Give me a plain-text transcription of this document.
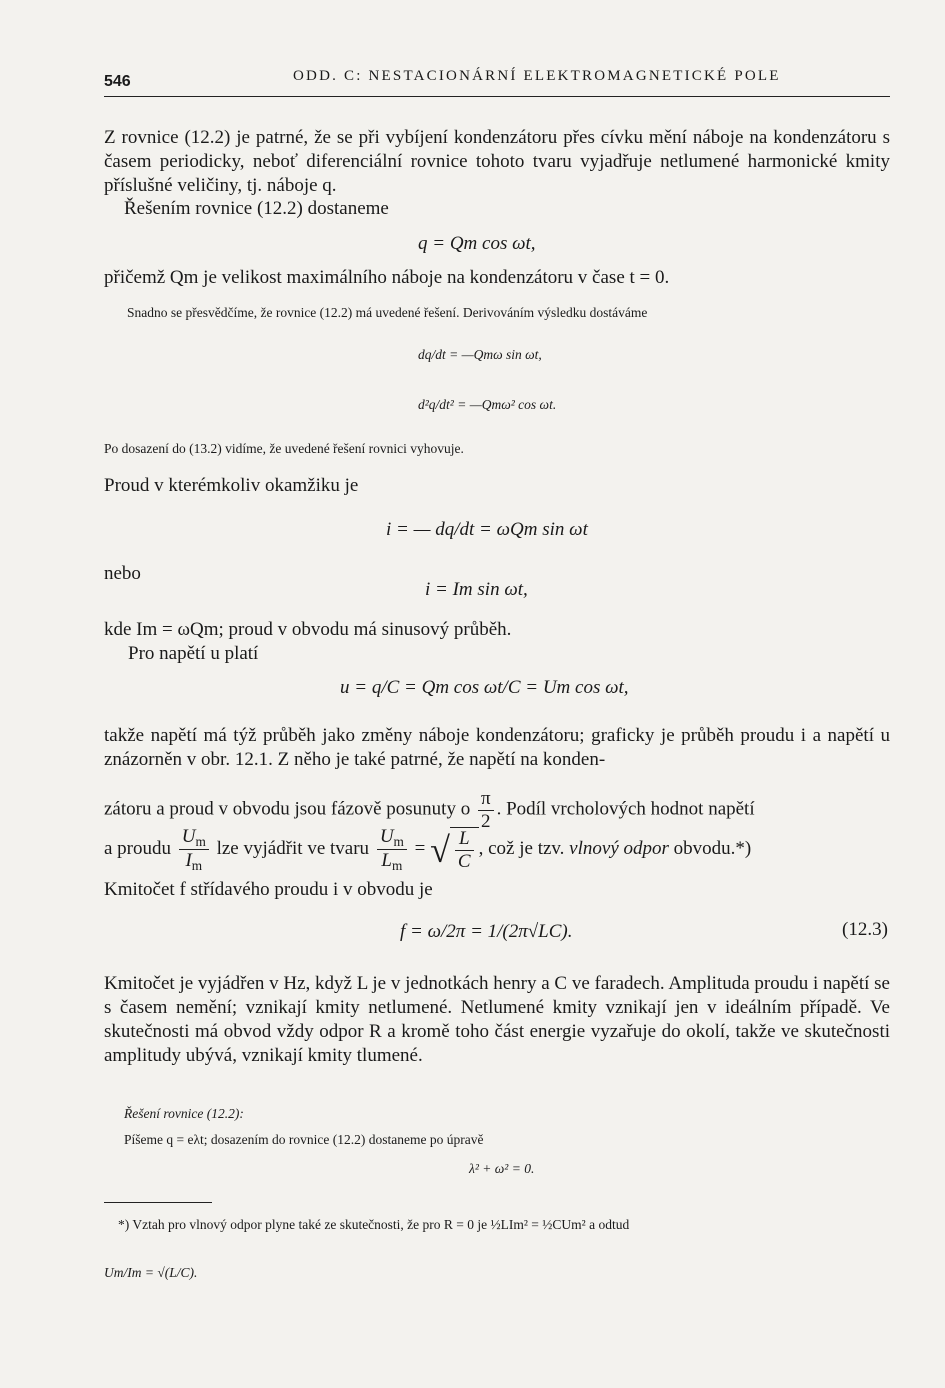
546	ODD. C: NESTACIONÁRNÍ ELEKTROMAGNETICKÉ POLE
Z rovnice (12.2) je patrné, že se při vybíjení kondenzátoru přes cívku mění náboje na kondenzátoru s časem periodicky, neboť diferenciální rovnice tohoto tvaru vyjadřuje netlumené harmonické kmity příslušné veličiny, tj. náboje q.
Řešením rovnice (12.2) dostaneme
q = Qm cos ωt,
přičemž Qm je velikost maximálního náboje na kondenzátoru v čase t = 0.
Snadno se přesvědčíme, že rovnice (12.2) má uvedené řešení. Derivováním výsledku dostáváme
dq/dt = —Qmω sin ωt,
d²q/dt² = —Qmω² cos ωt.
Po dosazení do (13.2) vidíme, že uvedené řešení rovnici vyhovuje.
Proud v kterémkoliv okamžiku je
i = — dq/dt = ωQm sin ωt
nebo
i = Im sin ωt,
kde Im = ωQm; proud v obvodu má sinusový průběh.
Pro napětí u platí
u = q/C = Qm cos ωt/C = Um cos ωt,
takže napětí má týž průběh jako změny náboje kondenzátoru; graficky je průběh proudu i a napětí u znázorněn v obr. 12.1. Z něho je také patrné, že napětí na konden-
zátoru a proud v obvodu jsou fázově posunuty o $\frac{\pi}{2}$ . Podíl vrcholových hodnot napětí
a proudu $\frac{U_m}{I_m}$ lze vyjádřit ve tvaru $\frac{U_m}{L_m}$ = √ $\frac{L}{C}$ , což je tzv. vlnový odpor obvodu.*)
Kmitočet f střídavého proudu i v obvodu je
f = ω/2π = 1/(2π√LC).	(12.3)
Kmitočet je vyjádřen v Hz, když L je v jednotkách henry a C ve faradech. Amplituda proudu i napětí se s časem nemění; vznikají kmity netlumené. Netlumené kmity vznikají jen v ideálním případě. Ve skutečnosti má obvod vždy odpor R a kromě toho část energie vyzařuje do okolí, takže ve skutečnosti amplitudy ubývá, vznikají kmity tlumené.
Řešení rovnice (12.2):
Píšeme q = eλt; dosazením do rovnice (12.2) dostaneme po úpravě
λ² + ω² = 0.
*) Vztah pro vlnový odpor plyne také ze skutečnosti, že pro R = 0 je ½LIm² = ½CUm² a odtud
Um/Im = √(L/C).
